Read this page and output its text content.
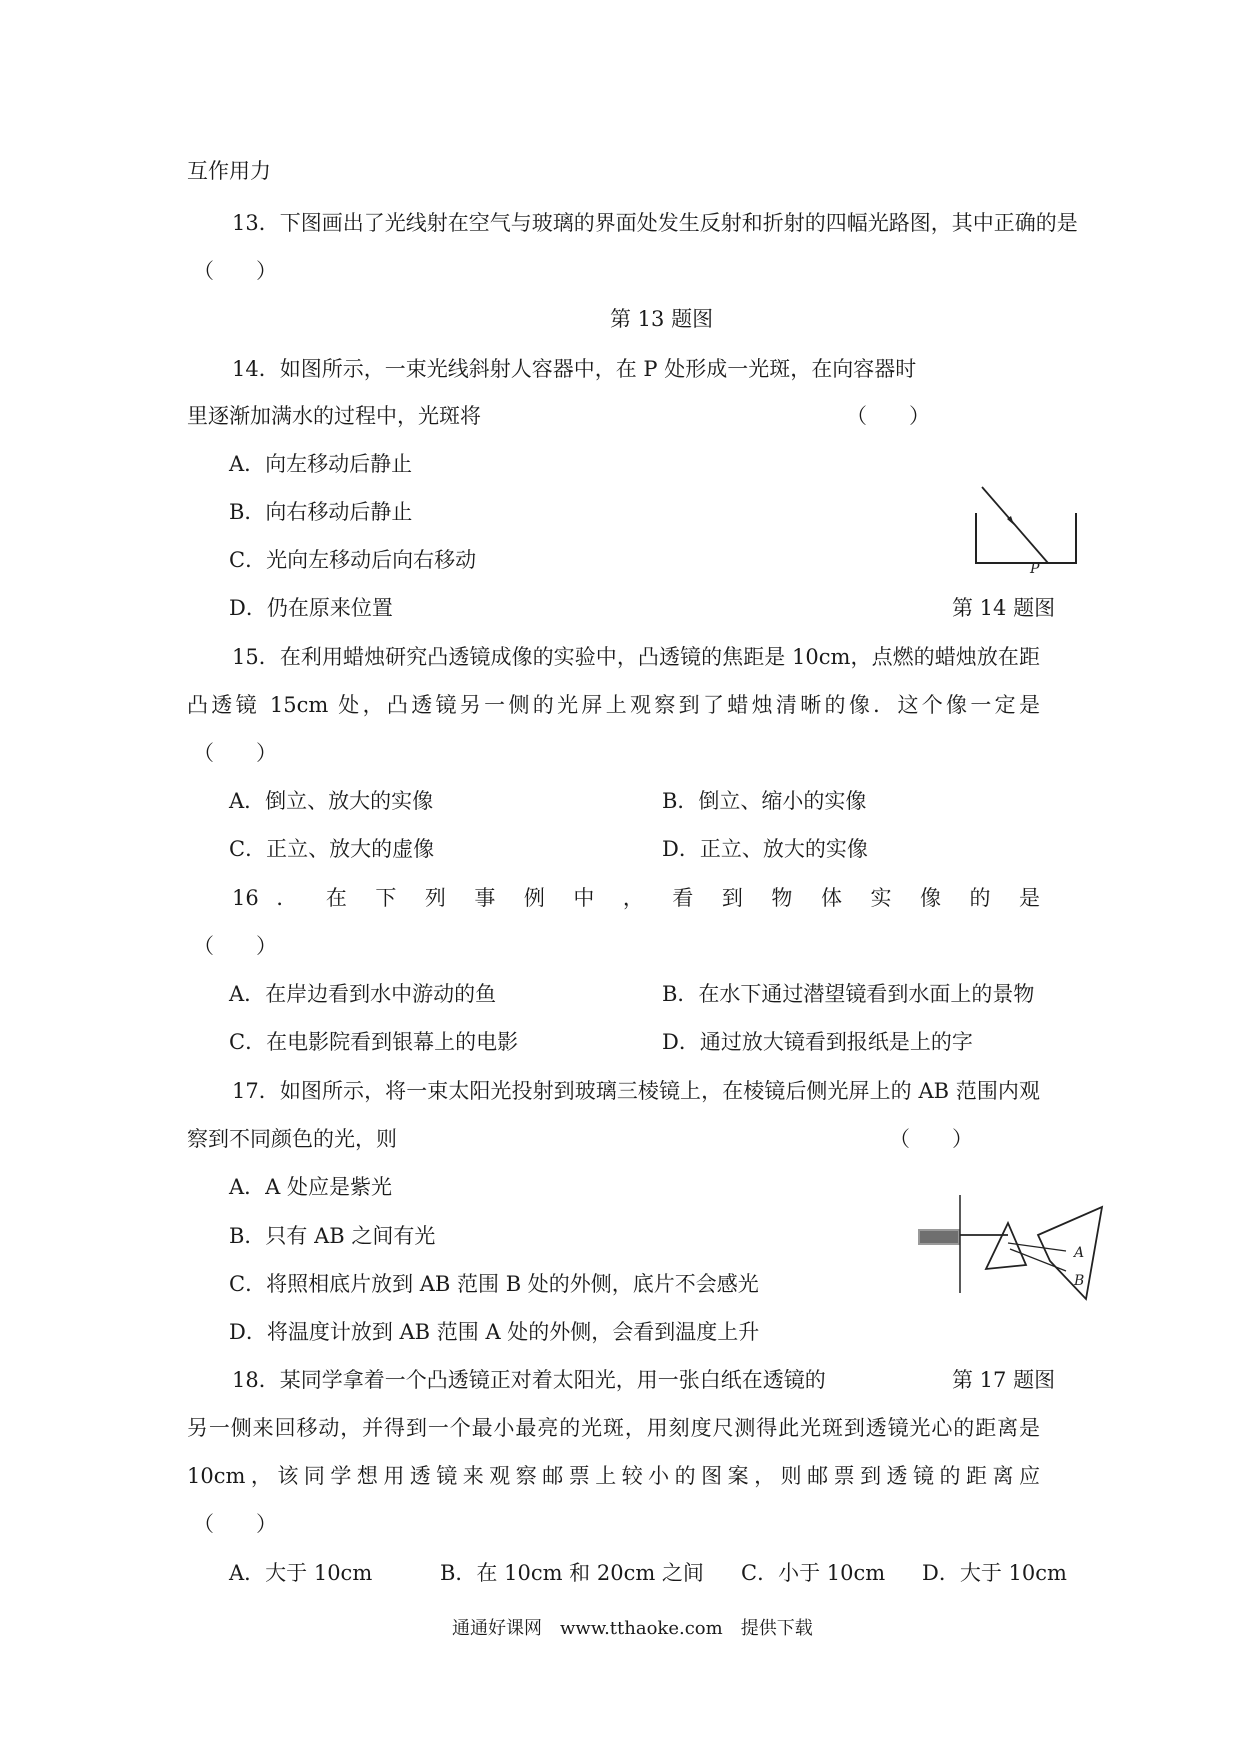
互作用力
13．下图画出了光线射在空气与玻璃的界面处发生反射和折射的四幅光路图，其中正确的是
（　　）
第 13 题图
14．如图所示，一束光线斜射人容器中，在 P 处形成一光斑，在向容器时
里逐渐加满水的过程中，光斑将	（　　）
A．向左移动后静止
B．向右移动后静止
C．光向左移动后向右移动
D．仍在原来位置	第 14 题图
P
15．在利用蜡烛研究凸透镜成像的实验中，凸透镜的焦距是 10cm，点燃的蜡烛放在距
凸透镜 15cm 处，凸透镜另一侧的光屏上观察到了蜡烛清晰的像．这个像一定是
（　　）
A．倒立、放大的实像	B．倒立、缩小的实像
C．正立、放大的虚像	D．正立、放大的实像
16 ． 在 下 列 事 例 中 ， 看 到 物 体 实 像 的 是
（　　）
A．在岸边看到水中游动的鱼	B．在水下通过潜望镜看到水面上的景物
C．在电影院看到银幕上的电影	D．通过放大镜看到报纸是上的字
17．如图所示，将一束太阳光投射到玻璃三棱镜上，在棱镜后侧光屏上的 AB 范围内观
察到不同颜色的光，则	（　　）
A．A 处应是紫光
B．只有 AB 之间有光
C．将照相底片放到 AB 范围 B 处的外侧，底片不会感光
D．将温度计放到 AB 范围 A 处的外侧，会看到温度上升
A
B
18．某同学拿着一个凸透镜正对着太阳光，用一张白纸在透镜的	第 17 题图
另一侧来回移动，并得到一个最小最亮的光斑，用刻度尺测得此光斑到透镜光心的距离是
10cm，该同学想用透镜来观察邮票上较小的图案，则邮票到透镜的距离应
（　　）
A．大于 10cm	B．在 10cm 和 20cm 之间 C．小于 10cm D．大于 10cm
通通好课网　www.tthaoke.com　提供下载
